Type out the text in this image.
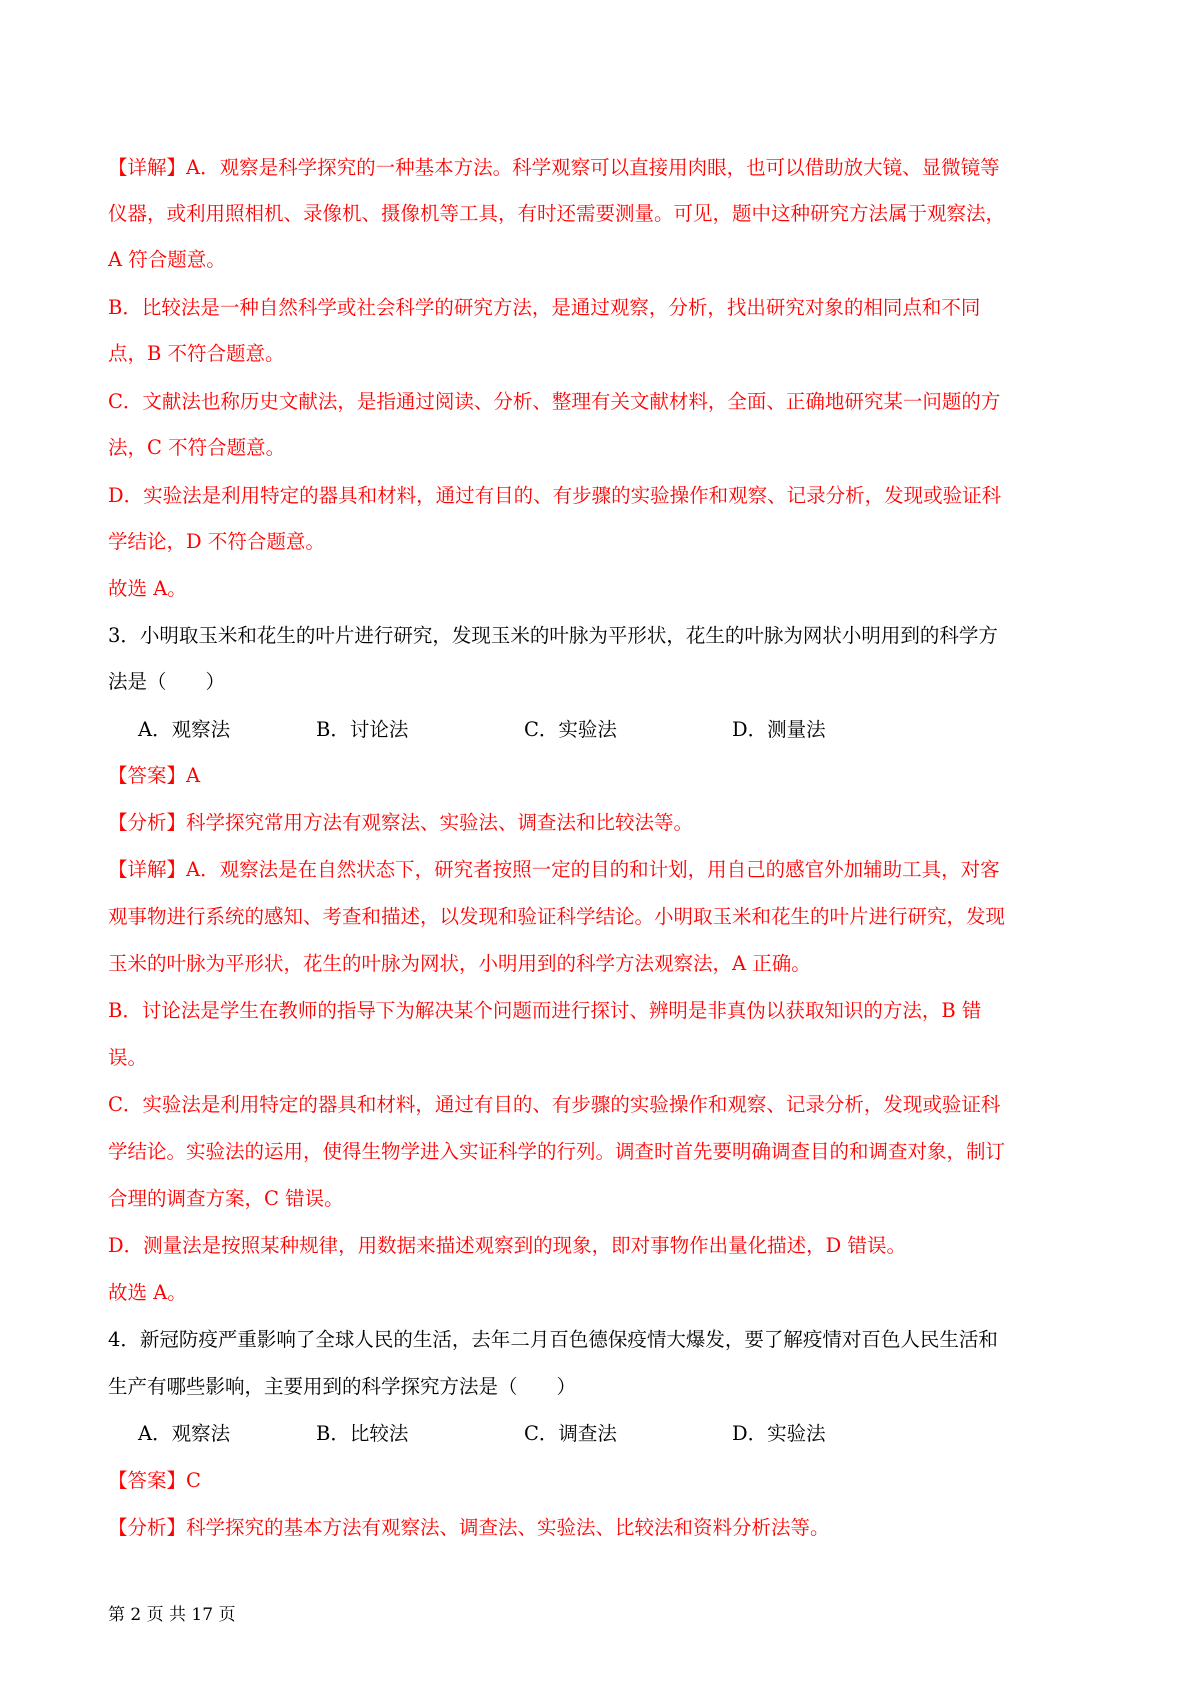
【详解】A．观察是科学探究的一种基本方法。科学观察可以直接用肉眼，也可以借助放大镜、显微镜等
仪器，或利用照相机、录像机、摄像机等工具，有时还需要测量。可见，题中这种研究方法属于观察法，
A 符合题意。
B．比较法是一种自然科学或社会科学的研究方法，是通过观察，分析，找出研究对象的相同点和不同
点，B 不符合题意。
C．文献法也称历史文献法，是指通过阅读、分析、整理有关文献材料，全面、正确地研究某一问题的方
法，C 不符合题意。
D．实验法是利用特定的器具和材料，通过有目的、有步骤的实验操作和观察、记录分析，发现或验证科
学结论，D 不符合题意。
故选 A。
3．小明取玉米和花生的叶片进行研究，发现玉米的叶脉为平形状，花生的叶脉为网状小明用到的科学方
法是（　　）
A．观察法	B．讨论法	C．实验法	D．测量法
【答案】A
【分析】科学探究常用方法有观察法、实验法、调查法和比较法等。
【详解】A．观察法是在自然状态下，研究者按照一定的目的和计划，用自己的感官外加辅助工具，对客
观事物进行系统的感知、考查和描述，以发现和验证科学结论。小明取玉米和花生的叶片进行研究，发现
玉米的叶脉为平形状，花生的叶脉为网状，小明用到的科学方法观察法，A 正确。
B．讨论法是学生在教师的指导下为解决某个问题而进行探讨、辨明是非真伪以获取知识的方法，B 错
误。
C．实验法是利用特定的器具和材料，通过有目的、有步骤的实验操作和观察、记录分析，发现或验证科
学结论。实验法的运用，使得生物学进入实证科学的行列。调查时首先要明确调查目的和调查对象，制订
合理的调查方案，C 错误。
D．测量法是按照某种规律，用数据来描述观察到的现象，即对事物作出量化描述，D 错误。
故选 A。
4．新冠防疫严重影响了全球人民的生活，去年二月百色德保疫情大爆发，要了解疫情对百色人民生活和
生产有哪些影响，主要用到的科学探究方法是（　　）
A．观察法	B．比较法	C．调查法	D．实验法
【答案】C
【分析】科学探究的基本方法有观察法、调查法、实验法、比较法和资料分析法等。
第 2 页 共 17 页
